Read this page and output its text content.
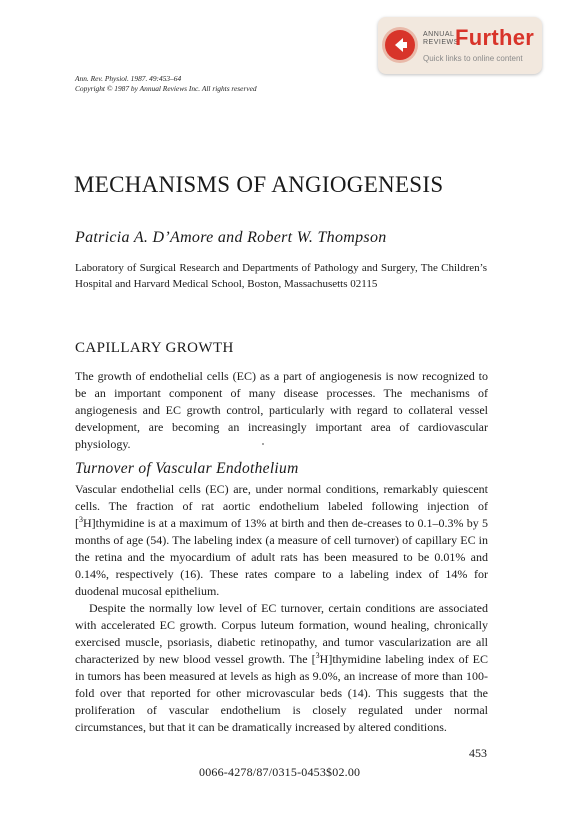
ANNUAL
REVIEWS
Further
Quick links to online content
Ann. Rev. Physiol. 1987. 49:453–64
Copyright © 1987 by Annual Reviews Inc. All rights reserved
MECHANISMS OF ANGIOGENESIS
Patricia A. D’Amore and Robert W. Thompson
Laboratory of Surgical Research and Departments of Pathology and Surgery, The Children’s Hospital and Harvard Medical School, Boston, Massachusetts 02115
CAPILLARY GROWTH
The growth of endothelial cells (EC) as a part of angiogenesis is now recognized to be an important component of many disease processes. The mechanisms of angiogenesis and EC growth control, particularly with regard to collateral vessel development, are becoming an increasingly important area of cardiovascular physiology.
Turnover of Vascular Endothelium
Vascular endothelial cells (EC) are, under normal conditions, remarkably quiescent cells. The fraction of rat aortic endothelium labeled following injection of [$^3$H]thymidine is at a maximum of 13% at birth and then de-creases to 0.1–0.3% by 5 months of age (54). The labeling index (a measure of cell turnover) of capillary EC in the retina and the myocardium of adult rats has been measured to be 0.01% and 0.14%, respectively (16). These rates compare to a labeling index of 14% for duodenal mucosal epithelium.
Despite the normally low level of EC turnover, certain conditions are associated with accelerated EC growth. Corpus luteum formation, wound healing, chronically exercised muscle, psoriasis, diabetic retinopathy, and tumor vascularization are all characterized by new blood vessel growth. The [$^3$H]thymidine labeling index of EC in tumors has been measured at levels as high as 9.0%, an increase of more than 100-fold over that reported for other microvascular beds (14). This suggests that the proliferation of vascular endothelium is closely regulated under normal circumstances, but that it can be dramatically increased by altered conditions.
453
0066-4278/87/0315-0453$02.00
